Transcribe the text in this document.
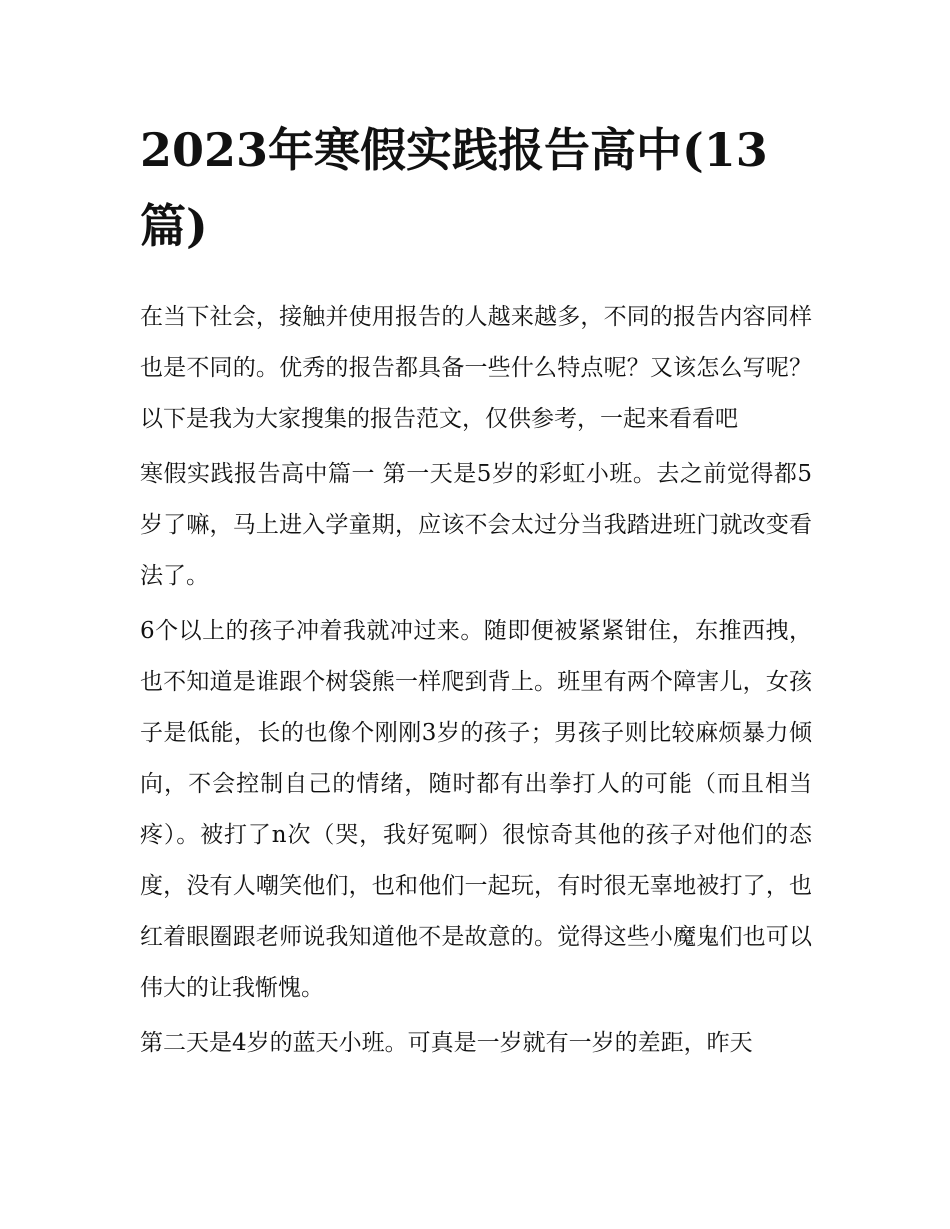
2023年寒假实践报告高中(13篇)

在当下社会，接触并使用报告的人越来越多，不同的报告内容同样也是不同的。优秀的报告都具备一些什么特点呢？又该怎么写呢？以下是我为大家搜集的报告范文，仅供参考，一起来看看吧

寒假实践报告高中篇一 第一天是5岁的彩虹小班。去之前觉得都5岁了嘛，马上进入学童期，应该不会太过分当我踏进班门就改变看法了。

6个以上的孩子冲着我就冲过来。随即便被紧紧钳住，东推西拽，也不知道是谁跟个树袋熊一样爬到背上。班里有两个障害儿，女孩子是低能，长的也像个刚刚3岁的孩子；男孩子则比较麻烦暴力倾向，不会控制自己的情绪，随时都有出拳打人的可能（而且相当疼）。被打了n次（哭，我好冤啊）很惊奇其他的孩子对他们的态度，没有人嘲笑他们，也和他们一起玩，有时很无辜地被打了，也红着眼圈跟老师说我知道他不是故意的。觉得这些小魔鬼们也可以伟大的让我惭愧。

第二天是4岁的蓝天小班。可真是一岁就有一岁的差距，昨天
